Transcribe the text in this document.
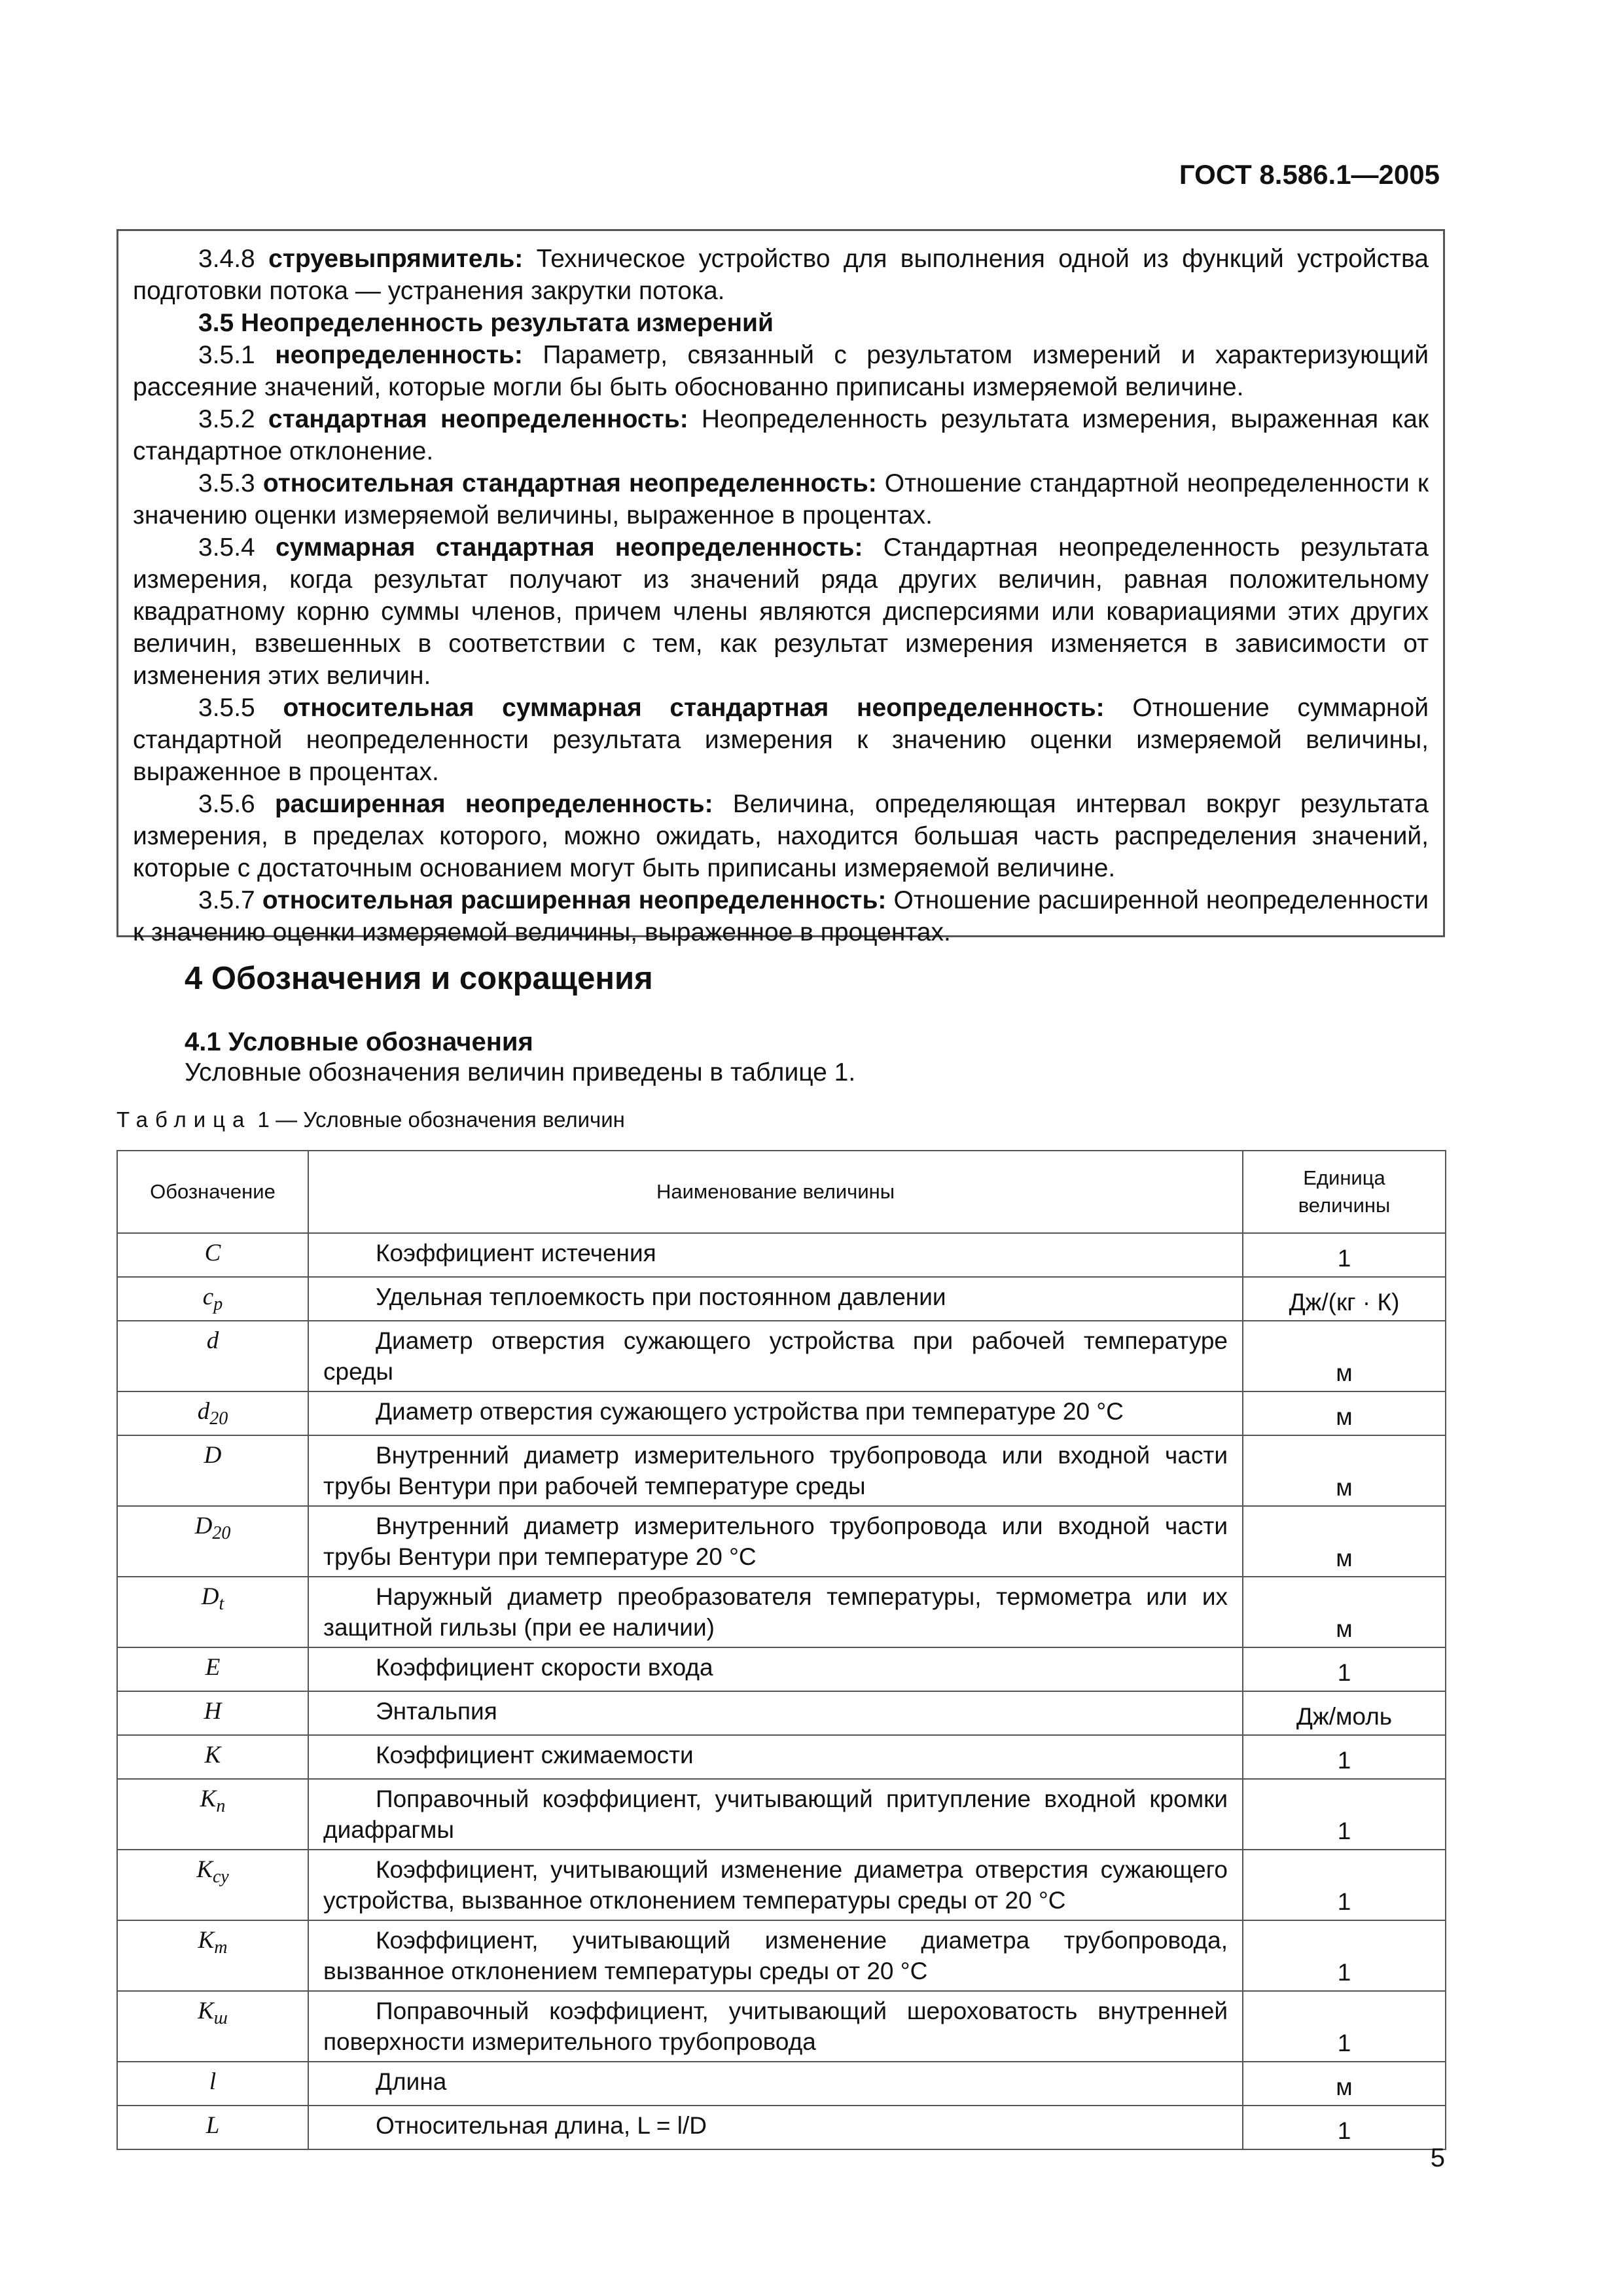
ГОСТ 8.586.1—2005

3.4.8 струевыпрямитель: Техническое устройство для выполнения одной из функций устройства подготовки потока — устранения закрутки потока.

3.5 Неопределенность результата измерений

3.5.1 неопределенность: Параметр, связанный с результатом измерений и характеризующий рассеяние значений, которые могли бы быть обоснованно приписаны измеряемой величине.

3.5.2 стандартная неопределенность: Неопределенность результата измерения, выраженная как стандартное отклонение.

3.5.3 относительная стандартная неопределенность: Отношение стандартной неопределенности к значению оценки измеряемой величины, выраженное в процентах.

3.5.4 суммарная стандартная неопределенность: Стандартная неопределенность результата измерения, когда результат получают из значений ряда других величин, равная положительному квадратному корню суммы членов, причем члены являются дисперсиями или ковариациями этих других величин, взвешенных в соответствии с тем, как результат измерения изменяется в зависимости от изменения этих величин.

3.5.5 относительная суммарная стандартная неопределенность: Отношение суммарной стандартной неопределенности результата измерения к значению оценки измеряемой величины, выраженное в процентах.

3.5.6 расширенная неопределенность: Величина, определяющая интервал вокруг результата измерения, в пределах которого, можно ожидать, находится большая часть распределения значений, которые с достаточным основанием могут быть приписаны измеряемой величине.

3.5.7 относительная расширенная неопределенность: Отношение расширенной неопределенности к значению оценки измеряемой величины, выраженное в процентах.

4 Обозначения и сокращения
4.1 Условные обозначения

Условные обозначения величин приведены в таблице 1.

Таблица 1 — Условные обозначения величин

Обозначение	Наименование величины	Единица величины
C	Коэффициент истечения	1
$c_p$	Удельная теплоемкость при постоянном давлении	Дж/(кг · К)
d	Диаметр отверстия сужающего устройства при рабочей температуре среды	м
$d_{20}$	Диаметр отверстия сужающего устройства при температуре 20 °С	м
D	Внутренний диаметр измерительного трубопровода или входной части трубы Вентури при рабочей температуре среды	м
$D_{20}$	Внутренний диаметр измерительного трубопровода или входной части трубы Вентури при температуре 20 °С	м
$D_t$	Наружный диаметр преобразователя температуры, термометра или их защитной гильзы (при ее наличии)	м
E	Коэффициент скорости входа	1
H	Энтальпия	Дж/моль
K	Коэффициент сжимаемости	1
$K_п$	Поправочный коэффициент, учитывающий притупление входной кромки диафрагмы	1
$K_{су}$	Коэффициент, учитывающий изменение диаметра отверстия сужающего устройства, вызванное отклонением температуры среды от 20 °С	1
$K_т$	Коэффициент, учитывающий изменение диаметра трубопровода, вызванное отклонением температуры среды от 20 °С	1
$K_ш$	Поправочный коэффициент, учитывающий шероховатость внутренней поверхности измерительного трубопровода	1
l	Длина	м
L	Относительная длина, L = l/D	1
5
